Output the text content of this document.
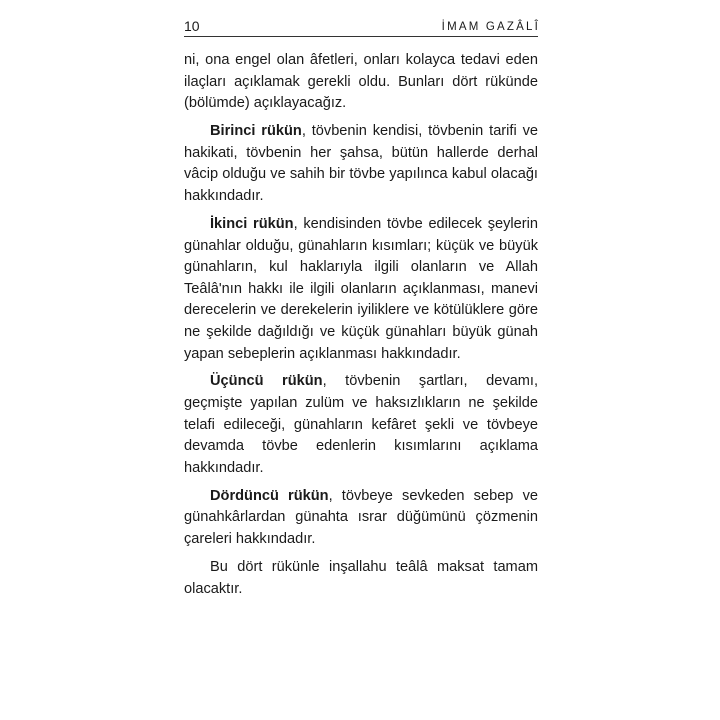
10	İMAM GAZÂLÎ

ni, ona engel olan âfetleri, onları kolayca tedavi eden ilaçları açıklamak gerekli oldu. Bunları dört rükünde (bölümde) açıklayacağız.

Birinci rükün, tövbenin kendisi, tövbenin tarifi ve hakikati, tövbenin her şahsa, bütün hallerde derhal vâcip olduğu ve sahih bir tövbe yapılınca kabul olacağı hakkındadır.

İkinci rükün, kendisinden tövbe edilecek şeylerin günahlar olduğu, günahların kısımları; küçük ve büyük günahların, kul haklarıyla ilgili olanların ve Allah Teâlâ'nın hakkı ile ilgili olanların açıklanması, manevi derecelerin ve derekelerin iyiliklere ve kötülüklere göre ne şekilde dağıldığı ve küçük günahları büyük günah yapan sebeplerin açıklanması hakkındadır.

Üçüncü rükün, tövbenin şartları, devamı, geçmişte yapılan zulüm ve haksızlıkların ne şekilde telafi edileceği, günahların kefâret şekli ve tövbeye devamda tövbe edenlerin kısımlarını açıklama hakkındadır.

Dördüncü rükün, tövbeye sevkeden sebep ve günahkârlardan günahta ısrar düğümünü çözmenin çareleri hakkındadır.

Bu dört rükünle inşallahu teâlâ maksat tamam olacaktır.
